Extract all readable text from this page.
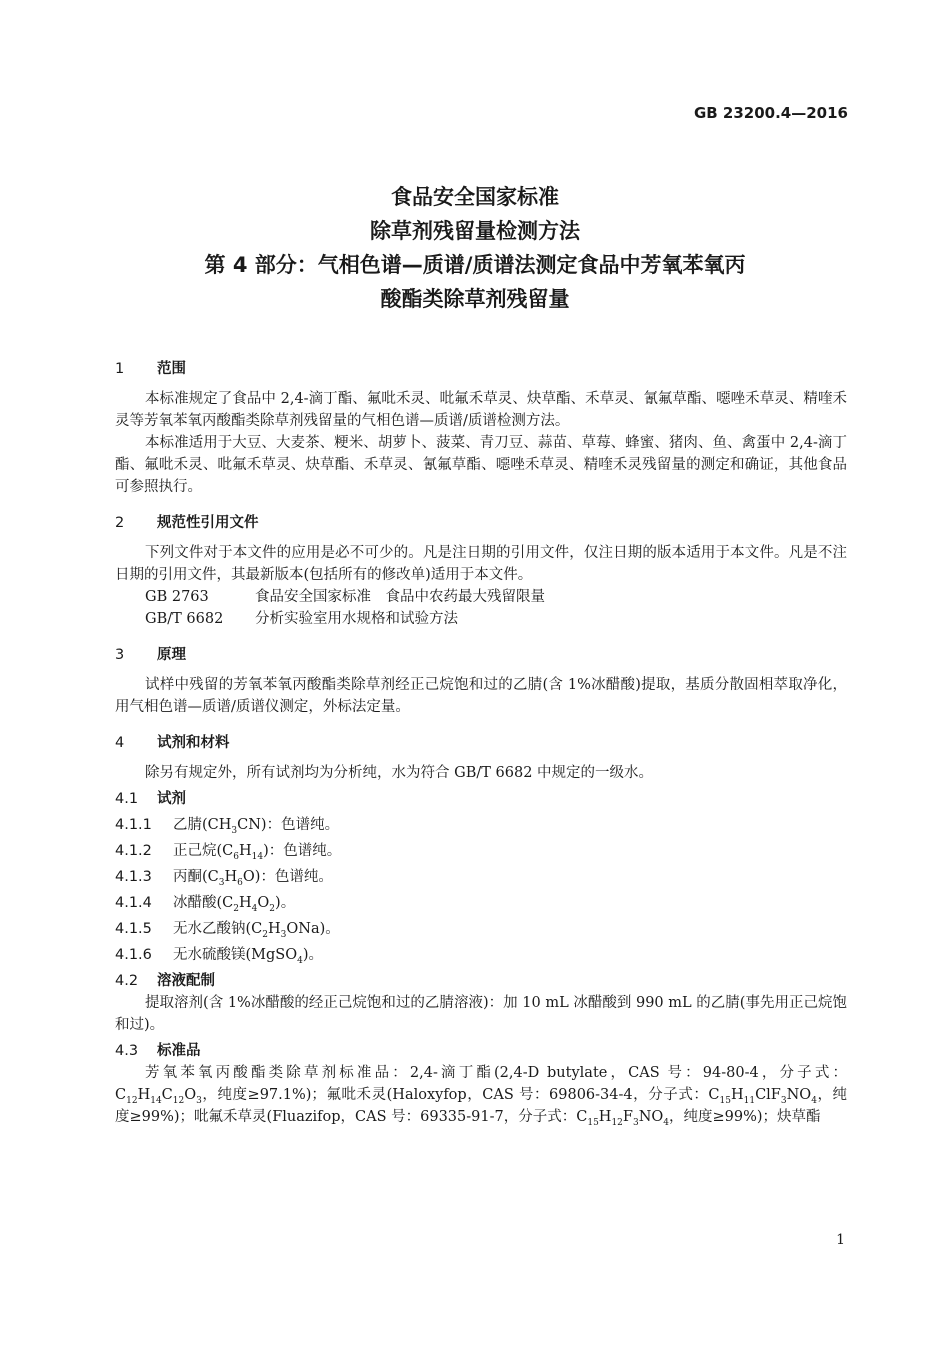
GB 23200.4—2016
食品安全国家标准
除草剂残留量检测方法
第 4 部分：气相色谱—质谱/质谱法测定食品中芳氧苯氧丙
酸酯类除草剂残留量
1 范围

本标准规定了食品中 2,4-滴丁酯、氟吡禾灵、吡氟禾草灵、炔草酯、禾草灵、氰氟草酯、噁唑禾草灵、精喹禾灵等芳氧苯氧丙酸酯类除草剂残留量的气相色谱—质谱/质谱检测方法。

本标准适用于大豆、大麦茶、粳米、胡萝卜、菠菜、青刀豆、蒜苗、草莓、蜂蜜、猪肉、鱼、禽蛋中 2,4-滴丁酯、氟吡禾灵、吡氟禾草灵、炔草酯、禾草灵、氰氟草酯、噁唑禾草灵、精喹禾灵残留量的测定和确证，其他食品可参照执行。

2 规范性引用文件

下列文件对于本文件的应用是必不可少的。凡是注日期的引用文件，仅注日期的版本适用于本文件。凡是不注日期的引用文件，其最新版本(包括所有的修改单)适用于本文件。

GB 2763	食品安全国家标准　食品中农药最大残留限量

GB/T 6682 分析实验室用水规格和试验方法

3 原理

试样中残留的芳氧苯氧丙酸酯类除草剂经正己烷饱和过的乙腈(含 1%冰醋酸)提取，基质分散固相萃取净化，用气相色谱—质谱/质谱仪测定，外标法定量。

4 试剂和材料

除另有规定外，所有试剂均为分析纯，水为符合 GB/T 6682 中规定的一级水。

4.1 试剂
4.1.1 乙腈$(CH_3CN)$：色谱纯。
4.1.2 正己烷$(C_6H_{14})$：色谱纯。
4.1.3 丙酮$(C_3H_6O)$：色谱纯。
4.1.4 冰醋酸$(C_2H_4O_2)$。
4.1.5 无水乙酸钠$(C_2H_3ONa)$。
4.1.6 无水硫酸镁(MgSO$_4$)。
4.2 溶液配制

提取溶剂(含 1%冰醋酸的经正己烷饱和过的乙腈溶液)：加 10 mL 冰醋酸到 990 mL 的乙腈(事先用正己烷饱和过)。

4.3 标准品

芳氧苯氧丙酸酯类除草剂标准品：2,4-滴丁酯(2,4-D butylate，CAS 号：94-80-4，分子式：$C_{12}H_{14}C_{12}O_3$，纯度≥97.1%)；氟吡禾灵(Haloxyfop，CAS 号：69806-34-4，分子式：$C_{15}H_{11}ClF_3NO_4$，纯度≥99%)；吡氟禾草灵(Fluazifop，CAS 号：69335-91-7，分子式：$C_{15}H_{12}F_3NO_4$，纯度≥99%)；炔草酯

1
